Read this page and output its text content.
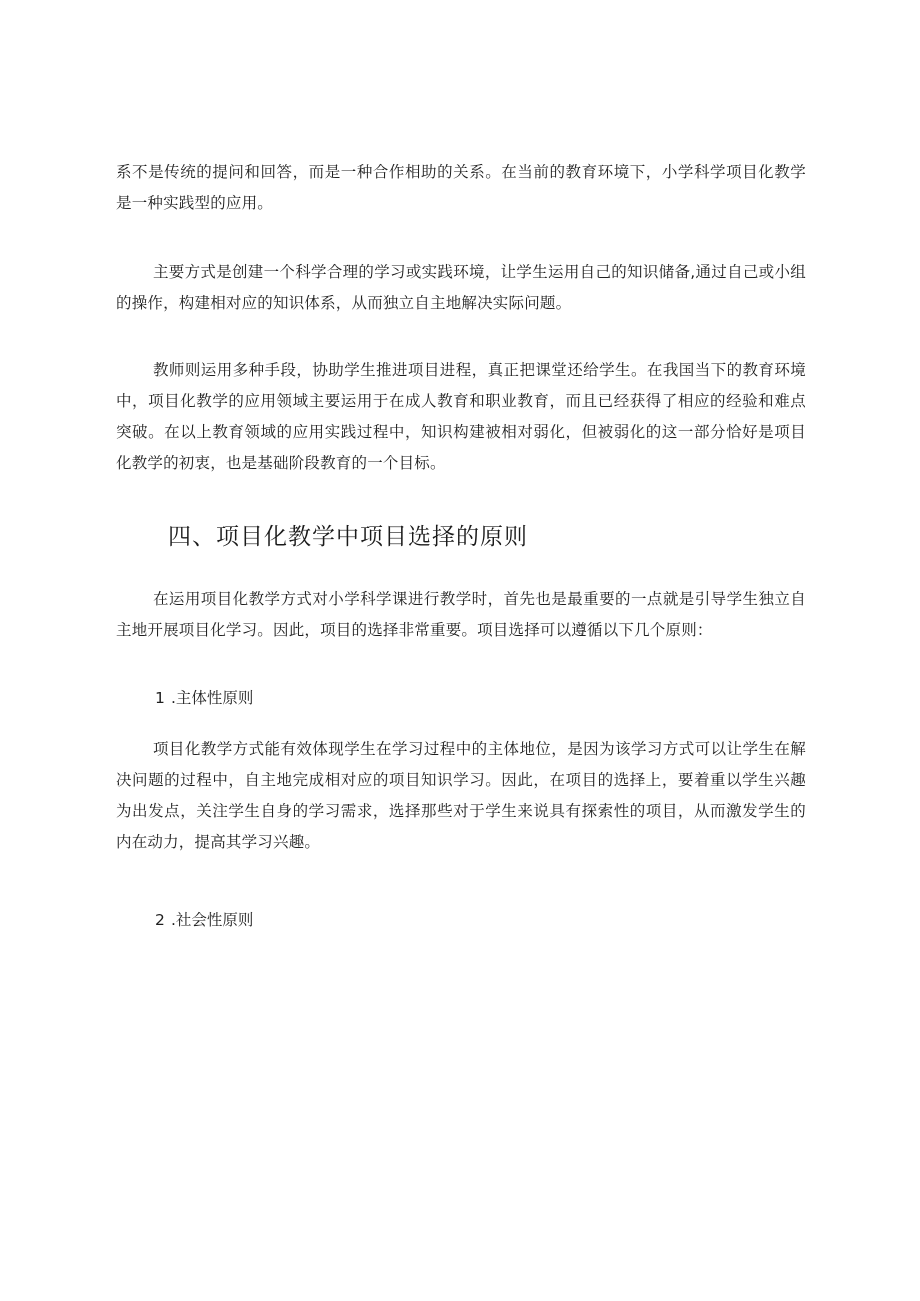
系不是传统的提问和回答，而是一种合作相助的关系。在当前的教育环境下，小学科学项目化教学是一种实践型的应用。

主要方式是创建一个科学合理的学习或实践环境，让学生运用自己的知识储备,通过自己或小组的操作，构建相对应的知识体系，从而独立自主地解决实际问题。

教师则运用多种手段，协助学生推进项目进程，真正把课堂还给学生。在我国当下的教育环境中，项目化教学的应用领域主要运用于在成人教育和职业教育，而且已经获得了相应的经验和难点突破。在以上教育领域的应用实践过程中，知识构建被相对弱化，但被弱化的这一部分恰好是项目化教学的初衷，也是基础阶段教育的一个目标。

四、项目化教学中项目选择的原则

在运用项目化教学方式对小学科学课进行教学时，首先也是最重要的一点就是引导学生独立自主地开展项目化学习。因此，项目的选择非常重要。项目选择可以遵循以下几个原则：

1 .主体性原则

项目化教学方式能有效体现学生在学习过程中的主体地位，是因为该学习方式可以让学生在解决问题的过程中，自主地完成相对应的项目知识学习。因此，在项目的选择上，要着重以学生兴趣为出发点，关注学生自身的学习需求，选择那些对于学生来说具有探索性的项目，从而激发学生的内在动力，提高其学习兴趣。

2 .社会性原则
